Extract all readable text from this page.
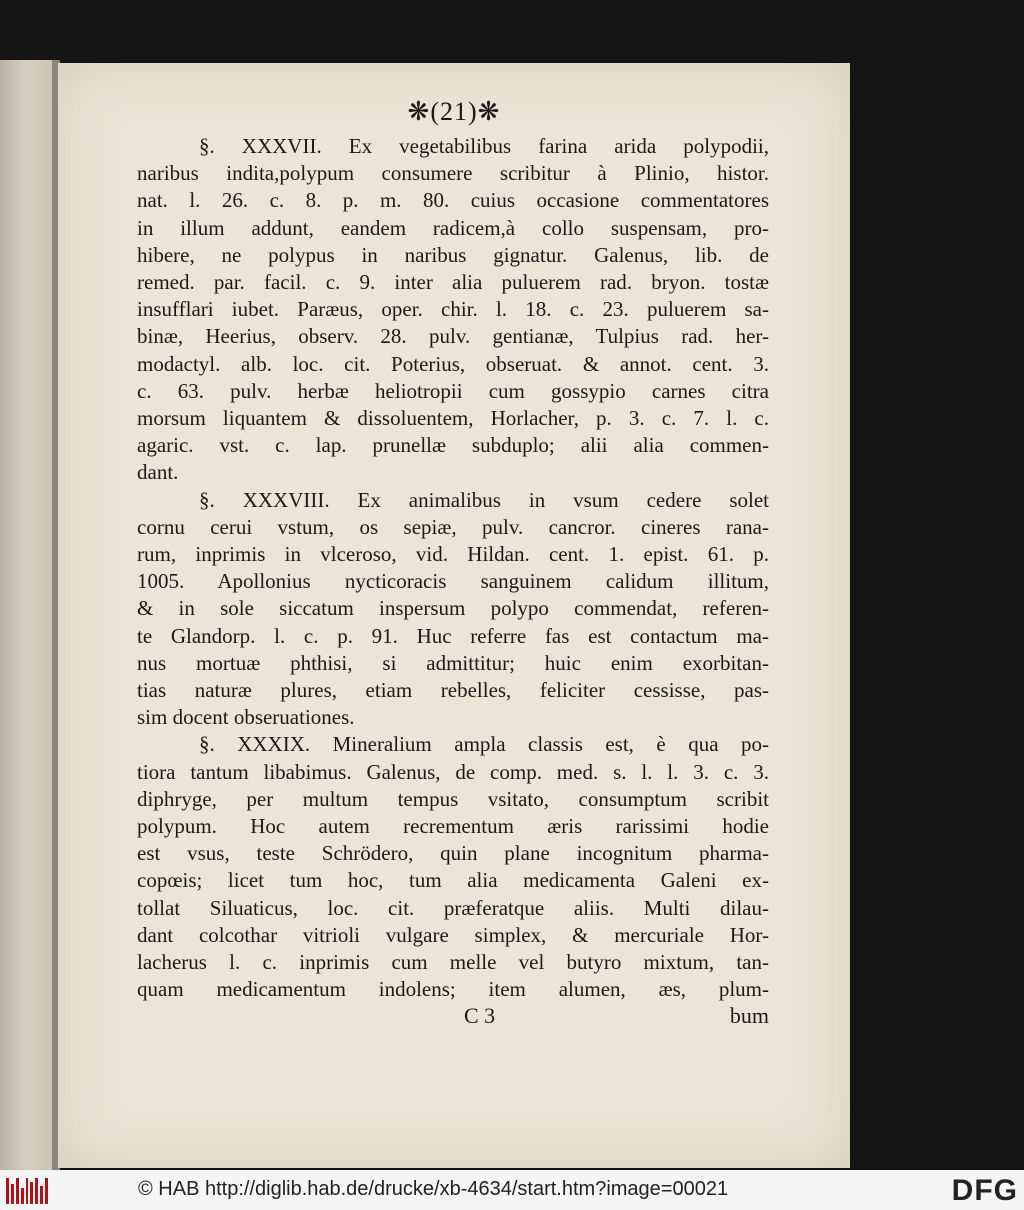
❋(21)❋
§. XXXVII. Ex vegetabilibus farina arida polypodii,
naribus indita,polypum consumere scribitur à Plinio, histor.
nat. l. 26. c. 8. p. m. 80. cuius occasione commentatores
in illum addunt, eandem radicem,à collo suspensam, pro-
hibere, ne polypus in naribus gignatur. Galenus, lib. de
remed. par. facil. c. 9. inter alia puluerem rad. bryon. tostæ
insufflari iubet. Paræus, oper. chir. l. 18. c. 23. puluerem sa-
binæ, Heerius, observ. 28. pulv. gentianæ, Tulpius rad. her-
modactyl. alb. loc. cit. Poterius, obseruat. & annot. cent. 3.
c. 63. pulv. herbæ heliotropii cum gossypio carnes citra
morsum liquantem & dissoluentem, Horlacher, p. 3. c. 7. l. c.
agaric. vst. c. lap. prunellæ subduplo; alii alia commen-
dant.
§. XXXVIII. Ex animalibus in vsum cedere solet
cornu cerui vstum, os sepiæ, pulv. cancror. cineres rana-
rum, inprimis in vlceroso, vid. Hildan. cent. 1. epist. 61. p.
1005. Apollonius nycticoracis sanguinem calidum illitum,
& in sole siccatum inspersum polypo commendat, referen-
te Glandorp. l. c. p. 91. Huc referre fas est contactum ma-
nus mortuæ phthisi, si admittitur; huic enim exorbitan-
tias naturæ plures, etiam rebelles, feliciter cessisse, pas-
sim docent obseruationes.
§. XXXIX. Mineralium ampla classis est, è qua po-
tiora tantum libabimus. Galenus, de comp. med. s. l. l. 3. c. 3.
diphryge, per multum tempus vsitato, consumptum scribit
polypum. Hoc autem recrementum æris rarissimi hodie
est vsus, teste Schrödero, quin plane incognitum pharma-
copœis; licet tum hoc, tum alia medicamenta Galeni ex-
tollat Siluaticus, loc. cit. præferatque aliis. Multi dilau-
dant colcothar vitrioli vulgare simplex, & mercuriale Hor-
lacherus l. c. inprimis cum melle vel butyro mixtum, tan-
quam medicamentum indolens; item alumen, æs, plum-
C 3	bum
© HAB http://diglib.hab.de/drucke/xb-4634/start.htm?image=00021	DFG
